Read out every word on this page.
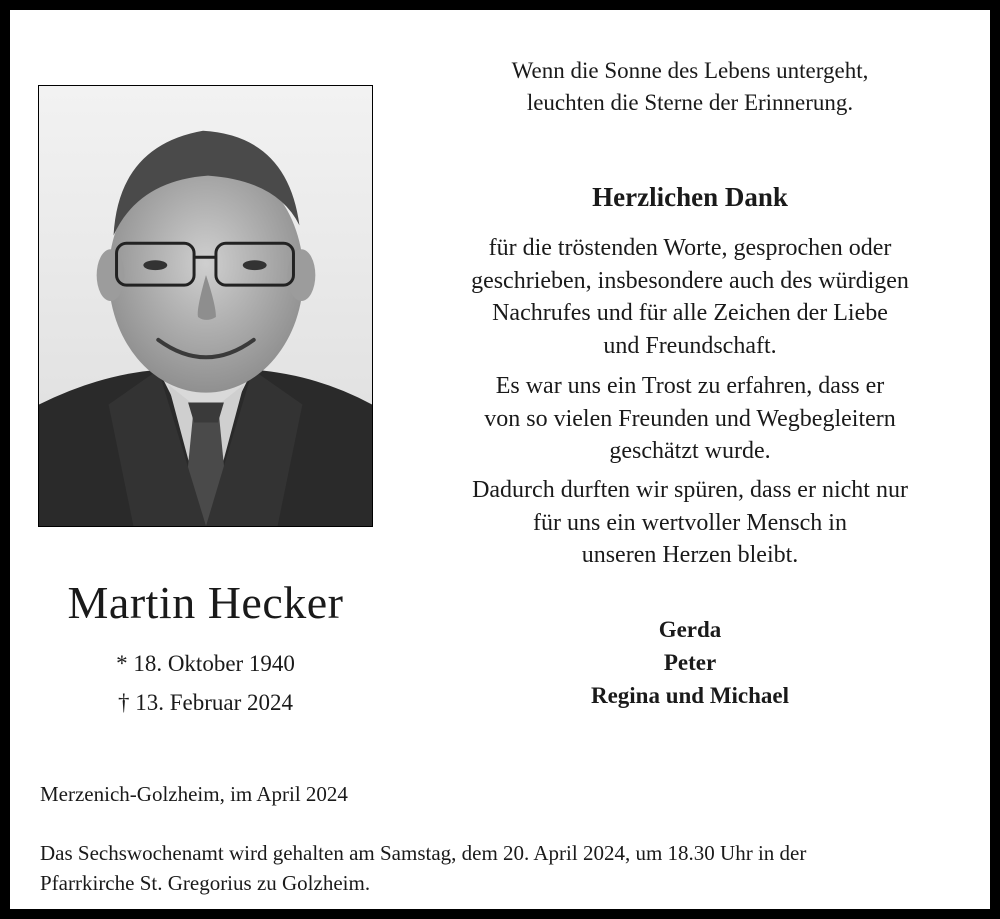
Martin Hecker
* 18. Oktober 1940
† 13. Februar 2024
Wenn die Sonne des Lebens untergeht,
leuchten die Sterne der Erinnerung.
Herzlichen Dank
für die tröstenden Worte, gesprochen oder
geschrieben, insbesondere auch des würdigen
Nachrufes und für alle Zeichen der Liebe
und Freundschaft.
Es war uns ein Trost zu erfahren, dass er
von so vielen Freunden und Wegbegleitern
geschätzt wurde.
Dadurch durften wir spüren, dass er nicht nur
für uns ein wertvoller Mensch in
unseren Herzen bleibt.
Gerda
Peter
Regina und Michael
Merzenich-Golzheim, im April 2024
Das Sechswochenamt wird gehalten am Samstag, dem 20. April 2024, um 18.30 Uhr in der
Pfarrkirche St. Gregorius zu Golzheim.
